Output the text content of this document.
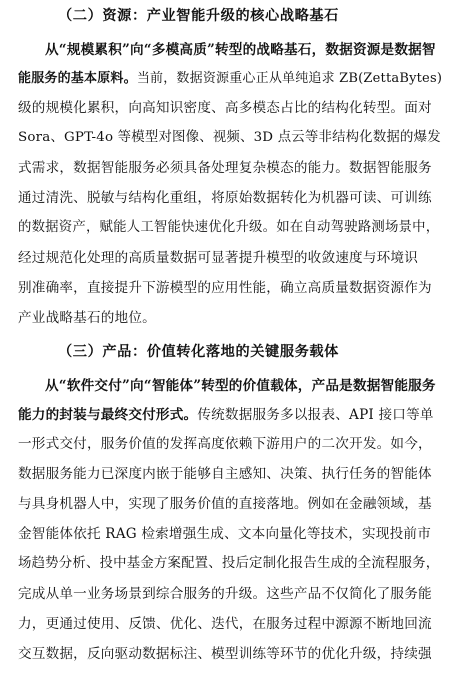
（二）资源：产业智能升级的核心战略基石
从“规模累积”向“多模高质”转型的战略基石，数据资源是数据智
能服务的基本原料。当前，数据资源重心正从单纯追求 ZB(ZettaBytes)
级的规模化累积，向高知识密度、高多模态占比的结构化转型。面对
Sora、GPT-4o 等模型对图像、视频、3D 点云等非结构化数据的爆发
式需求，数据智能服务必须具备处理复杂模态的能力。数据智能服务
通过清洗、脱敏与结构化重组，将原始数据转化为机器可读、可训练
的数据资产，赋能人工智能快速优化升级。如在自动驾驶路测场景中，
经过规范化处理的高质量数据可显著提升模型的收敛速度与环境识
别准确率，直接提升下游模型的应用性能，确立高质量数据资源作为
产业战略基石的地位。
（三）产品：价值转化落地的关键服务载体
从“软件交付”向“智能体”转型的价值载体，产品是数据智能服务
能力的封装与最终交付形式。传统数据服务多以报表、API 接口等单
一形式交付，服务价值的发挥高度依赖下游用户的二次开发。如今，
数据服务能力已深度内嵌于能够自主感知、决策、执行任务的智能体
与具身机器人中，实现了服务价值的直接落地。例如在金融领域，基
金智能体依托 RAG 检索增强生成、文本向量化等技术，实现投前市
场趋势分析、投中基金方案配置、投后定制化报告生成的全流程服务，
完成从单一业务场景到综合服务的升级。这些产品不仅简化了服务能
力，更通过使用、反馈、优化、迭代，在服务过程中源源不断地回流
交互数据，反向驱动数据标注、模型训练等环节的优化升级，持续强
